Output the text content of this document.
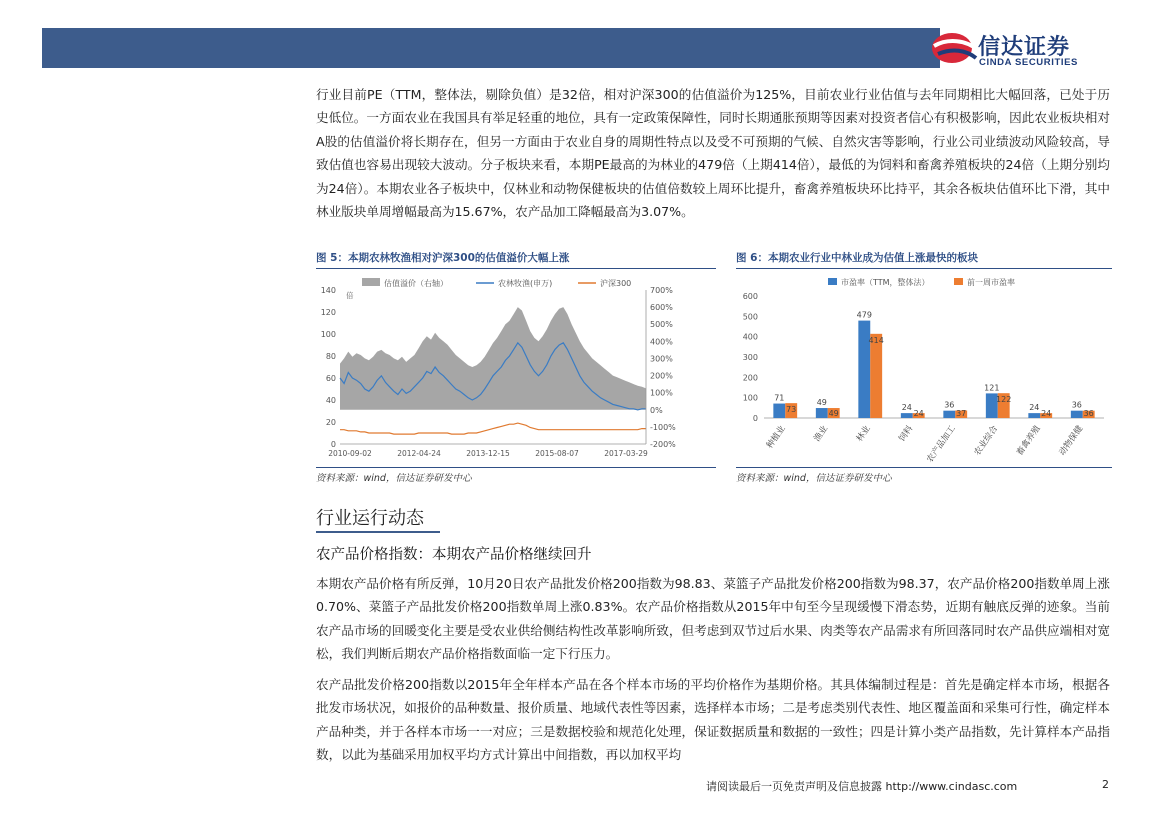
信达证券
CINDA SECURITIES

行业目前PE（TTM，整体法，剔除负值）是32倍，相对沪深300的估值溢价为125%，目前农业行业估值与去年同期相比大幅回落，已处于历史低位。一方面农业在我国具有举足轻重的地位，具有一定政策保障性，同时长期通胀预期等因素对投资者信心有积极影响，因此农业板块相对A股的估值溢价将长期存在，但另一方面由于农业自身的周期性特点以及受不可预期的气候、自然灾害等影响，行业公司业绩波动风险较高，导致估值也容易出现较大波动。分子板块来看，本期PE最高的为林业的479倍（上期414倍），最低的为饲料和畜禽养殖板块的24倍（上期分别均为24倍）。本期农业各子板块中，仅林业和动物保健板块的估值倍数较上周环比提升，畜禽养殖板块环比持平，其余各板块估值环比下滑，其中林业版块单周增幅最高为15.67%，农产品加工降幅最高为3.07%。

图 5：本期农林牧渔相对沪深300的估值溢价大幅上涨
估值溢价（右轴）	农林牧渔(申万)	沪深300
倍
140
120
100
80
60
40
20
0
700%
600%
500%
400%
300%
200%
100%
0%
-100%
-200%
2010-09-02	2012-04-24	2013-12-15	2015-08-07	2017-03-29
资料来源：wind，信达证券研发中心
图 6：本期农业行业中林业成为估值上涨最快的板块
市盈率（TTM，整体法）	前一周市盈率
600
500
400
300
200
100
0
71
73
种植业
49
49
渔业
479
414
林业
24
24
饲料
36
37
农产品加工
121
122
农业综合
24
24
畜禽养殖
36
36
动物保健
资料来源：wind，信达证券研发中心
行业运行动态
农产品价格指数：本期农产品价格继续回升

本期农产品价格有所反弹，10月20日农产品批发价格200指数为98.83、菜篮子产品批发价格200指数为98.37，农产品价格200指数单周上涨0.70%、菜篮子产品批发价格200指数单周上涨0.83%。农产品价格指数从2015年中旬至今呈现缓慢下滑态势，近期有触底反弹的迹象。当前农产品市场的回暖变化主要是受农业供给侧结构性改革影响所致，但考虑到双节过后水果、肉类等农产品需求有所回落同时农产品供应端相对宽松，我们判断后期农产品价格指数面临一定下行压力。

农产品批发价格200指数以2015年全年样本产品在各个样本市场的平均价格作为基期价格。其具体编制过程是：首先是确定样本市场，根据各批发市场状况，如报价的品种数量、报价质量、地域代表性等因素，选择样本市场；二是考虑类别代表性、地区覆盖面和采集可行性，确定样本产品种类，并于各样本市场一一对应；三是数据校验和规范化处理，保证数据质量和数据的一致性；四是计算小类产品指数，先计算样本产品指数，以此为基础采用加权平均方式计算出中间指数，再以加权平均

请阅读最后一页免责声明及信息披露 http://www.cindasc.com	2
